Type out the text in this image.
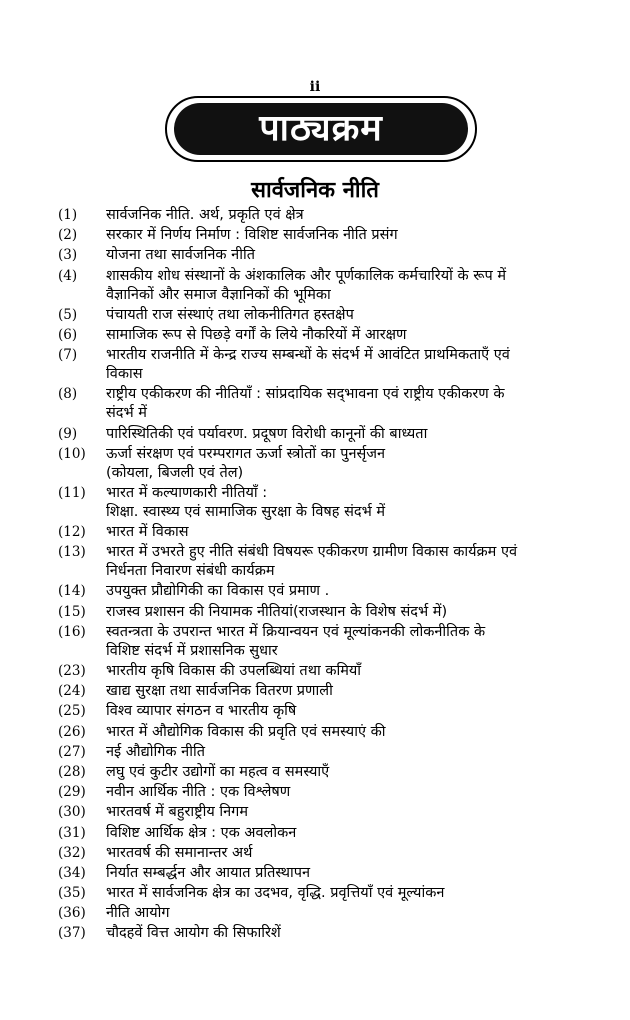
ii
पाठ्यक्रम
सार्वजनिक नीति
(1)	सार्वजनिक नीति. अर्थ, प्रकृति एवं क्षेत्र
(2)	सरकार में निर्णय निर्माण : विशिष्ट सार्वजनिक नीति प्रसंग
(3)	योजना तथा सार्वजनिक नीति
(4)	शासकीय शोध संस्थानों के अंशकालिक और पूर्णकालिक कर्मचारियों के रूप में
वैज्ञानिकों और समाज वैज्ञानिकों की भूमिका
(5)	पंचायती राज संस्थाएं तथा लोकनीतिगत हस्तक्षेप
(6)	सामाजिक रूप से पिछड़े वर्गों के लिये नौकरियों में आरक्षण
(7)	भारतीय राजनीति में केन्द्र राज्य सम्बन्धों के संदर्भ में आवंटित प्राथमिकताएँ एवं
विकास
(8)	राष्ट्रीय एकीकरण की नीतियाँ : सांप्रदायिक सद्‌भावना एवं राष्ट्रीय एकीकरण के
संदर्भ में
(9)	पारिस्थितिकी एवं पर्यावरण. प्रदूषण विरोधी कानूनों की बाध्यता
(10)	ऊर्जा संरक्षण एवं परम्परागत ऊर्जा स्त्रोतों का पुनर्सृजन
(कोयला, बिजली एवं तेल)
(11)	भारत में कल्याणकारी नीतियाँ :
शिक्षा. स्वास्थ्य एवं सामाजिक सुरक्षा के विषह संदर्भ में
(12)	भारत में विकास
(13)	भारत में उभरते हुए नीति संबंधी विषयरू एकीकरण ग्रामीण विकास कार्यक्रम एवं
निर्धनता निवारण संबंधी कार्यक्रम
(14)	उपयुक्त प्रौद्योगिकी का विकास एवं प्रमाण .
(15)	राजस्व प्रशासन की नियामक नीतियां(राजस्थान के विशेष संदर्भ में)
(16)	स्वतन्त्रता के उपरान्त भारत में क्रियान्वयन एवं मूल्यांकनकी लोकनीतिक के
विशिष्ट संदर्भ में प्रशासनिक सुधार
(23)	भारतीय कृषि विकास की उपलब्धियां तथा कमियाँ
(24)	खाद्य सुरक्षा तथा सार्वजनिक वितरण प्रणाली
(25)	विश्व व्यापार संगठन व भारतीय कृषि
(26)	भारत में औद्योगिक विकास की प्रवृति एवं समस्याएं की
(27)	नई औद्योगिक नीति
(28)	लघु एवं कुटीर उद्योगों का महत्व व समस्याएँ
(29)	नवीन आर्थिक नीति : एक विश्लेषण
(30)	भारतवर्ष में बहुराष्ट्रीय निगम
(31)	विशिष्ट आर्थिक क्षेत्र : एक अवलोकन
(32)	भारतवर्ष की समानान्तर अर्थ
(34)	निर्यात सम्बर्द्धन और आयात प्रतिस्थापन
(35)	भारत में सार्वजनिक क्षेत्र का उदभव, वृद्धि. प्रवृत्तियाँ एवं मूल्यांकन
(36)	नीति आयोग
(37)	चौदहवें वित्त आयोग की सिफारिशें
